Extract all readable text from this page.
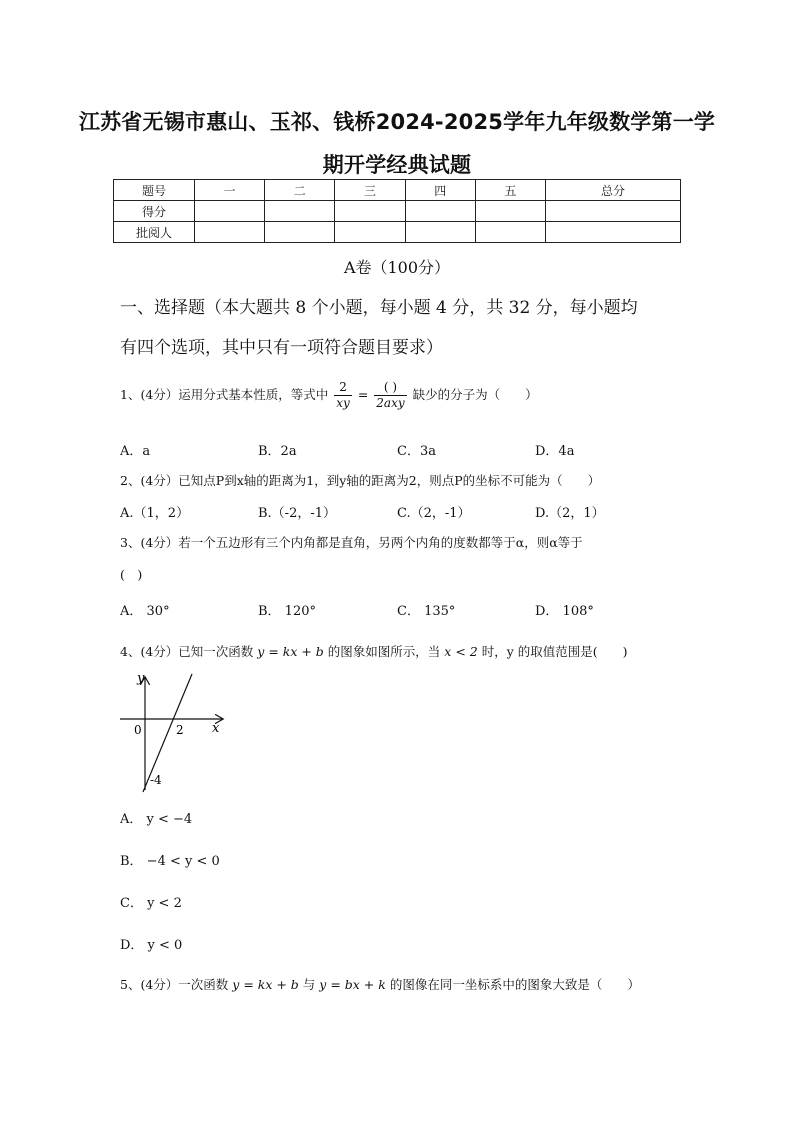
江苏省无锡市惠山、玉祁、钱桥2024-2025学年九年级数学第一学
期开学经典试题
题号	一	二	三	四	五	总分
得分						
批阅人						
A卷（100分）
一、选择题（本大题共 8 个小题，每小题 4 分，共 32 分，每小题均
有四个选项，其中只有一项符合题目要求）
1、(4分）运用分式基本性质，等式中 $\frac{2}{xy} = \frac{( )}{\text{2axy}}$ 缺少的分子为（　　）
A．a	B．2a	C．3a	D．4a
2、(4分）已知点P到x轴的距离为1，到y轴的距离为2，则点P的坐标不可能为（　　）
A.（1，2）	B.（-2，-1）	C.（2，-1）	D.（2，1）
3、(4分）若一个五边形有三个内角都是直角，另两个内角的度数都等于α，则α等于
(　)
A． 30°	B． 120°	C． 135°	D． 108°
4、(4分）已知一次函数 y = kx + b 的图象如图所示，当 x < 2 时，y 的取值范围是(　　)
y
x
0	2
-4
A． y < −4
B． −4 < y < 0
C． y < 2
D． y < 0
5、(4分）一次函数 y = kx + b 与 y = bx + k 的图像在同一坐标系中的图象大致是（　　）
